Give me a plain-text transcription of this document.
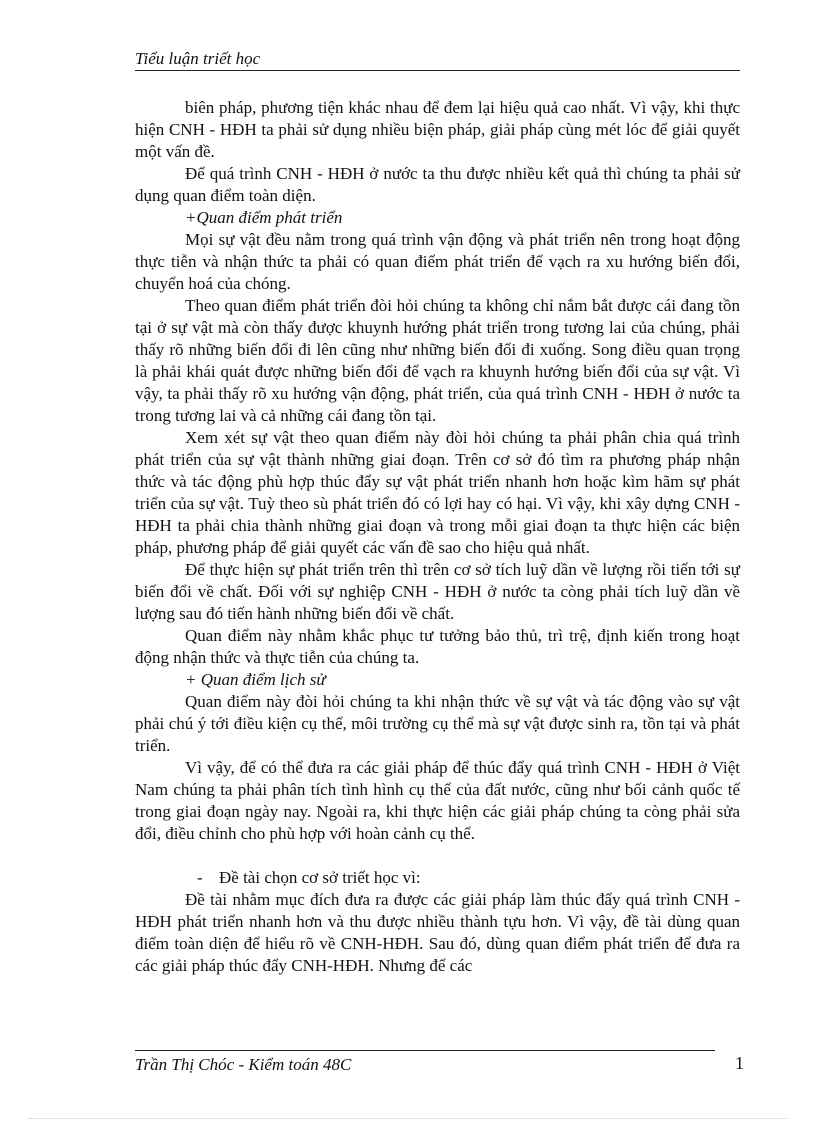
Tiểu luận triết học

biên pháp, phương tiện khác nhau để đem lại hiệu quả cao nhất. Vì vậy, khi thực hiện CNH - HĐH ta phải sử dụng nhiều biện pháp, giải pháp cùng mét lóc để giải quyết một vấn đề.

Để quá trình CNH - HĐH ở nước ta thu được nhiều kết quả thì chúng ta phải sử dụng quan điểm toàn diện.

+Quan điểm phát triển

Mọi sự vật đều nằm trong quá trình vận động và phát triển nên trong hoạt động thực tiễn và nhận thức ta phải có quan điểm phát triển để vạch ra xu hướng biến đổi, chuyển hoá của chóng.

Theo quan điểm phát triển đòi hỏi chúng ta không chỉ nắm bắt được cái đang tồn tại ở sự vật mà còn thấy được khuynh hướng phát triển trong tương lai của chúng, phải thấy rõ những biến đổi đi lên cũng như những biến đổi đi xuống. Song điều quan trọng là phải khái quát được những biến đổi để vạch ra khuynh hướng biến đổi của sự vật. Vì vậy, ta phải thấy rõ xu hướng vận động, phát triển, của quá trình CNH - HĐH ở nước ta trong tương lai và cả những cái đang tồn tại.

Xem xét sự vật theo quan điểm này đòi hỏi chúng ta phải phân chia quá trình phát triển của sự vật thành những giai đoạn. Trên cơ sở đó tìm ra phương pháp nhận thức và tác động phù hợp thúc đẩy sự vật phát triển nhanh hơn hoặc kìm hãm sự phát triển của sự vật. Tuỳ theo sù phát triển đó có lợi hay có hại. Vì vậy, khi xây dựng CNH - HĐH ta phải chia thành những giai đoạn và trong mỗi giai đoạn ta thực hiện các biện pháp, phương pháp để giải quyết các vấn đề sao cho hiệu quả nhất.

Để thực hiện sự phát triển trên thì trên cơ sở tích luỹ dần về lượng rồi tiến tới sự biến đổi về chất. Đối với sự nghiệp CNH - HĐH ở nước ta còng phải tích luỹ dần về lượng sau đó tiến hành những biến đổi về chất.

Quan điểm này nhằm khắc phục tư tưởng bảo thủ, trì trệ, định kiến trong hoạt động nhận thức và thực tiễn của chúng ta.

+ Quan điểm lịch sử

Quan điểm này đòi hỏi chúng ta khi nhận thức về sự vật và tác động vào sự vật phải chú ý tới điều kiện cụ thể, môi trường cụ thể mà sự vật được sinh ra, tồn tại và phát triển.

Vì vậy, để có thể đưa ra các giải pháp để thúc đẩy quá trình CNH - HĐH ở Việt Nam chúng ta phải phân tích tình hình cụ thể của đất nước, cũng như bối cảnh quốc tế trong giai đoạn ngày nay. Ngoài ra, khi thực hiện các giải pháp chúng ta còng phải sửa đổi, điều chỉnh cho phù hợp với hoàn cảnh cụ thể.

- Đề tài chọn cơ sở triết học vì:

Đề tài nhằm mục đích đưa ra được các giải pháp làm thúc đẩy quá trình CNH - HĐH phát triển nhanh hơn và thu được nhiều thành tựu hơn. Vì vậy, đề tài dùng quan điểm toàn diện để hiểu rõ về CNH-HĐH. Sau đó, dùng quan điểm phát triển để đưa ra các giải pháp thúc đẩy CNH-HĐH. Nhưng để các

Trần Thị Chóc - Kiểm toán 48C	1
